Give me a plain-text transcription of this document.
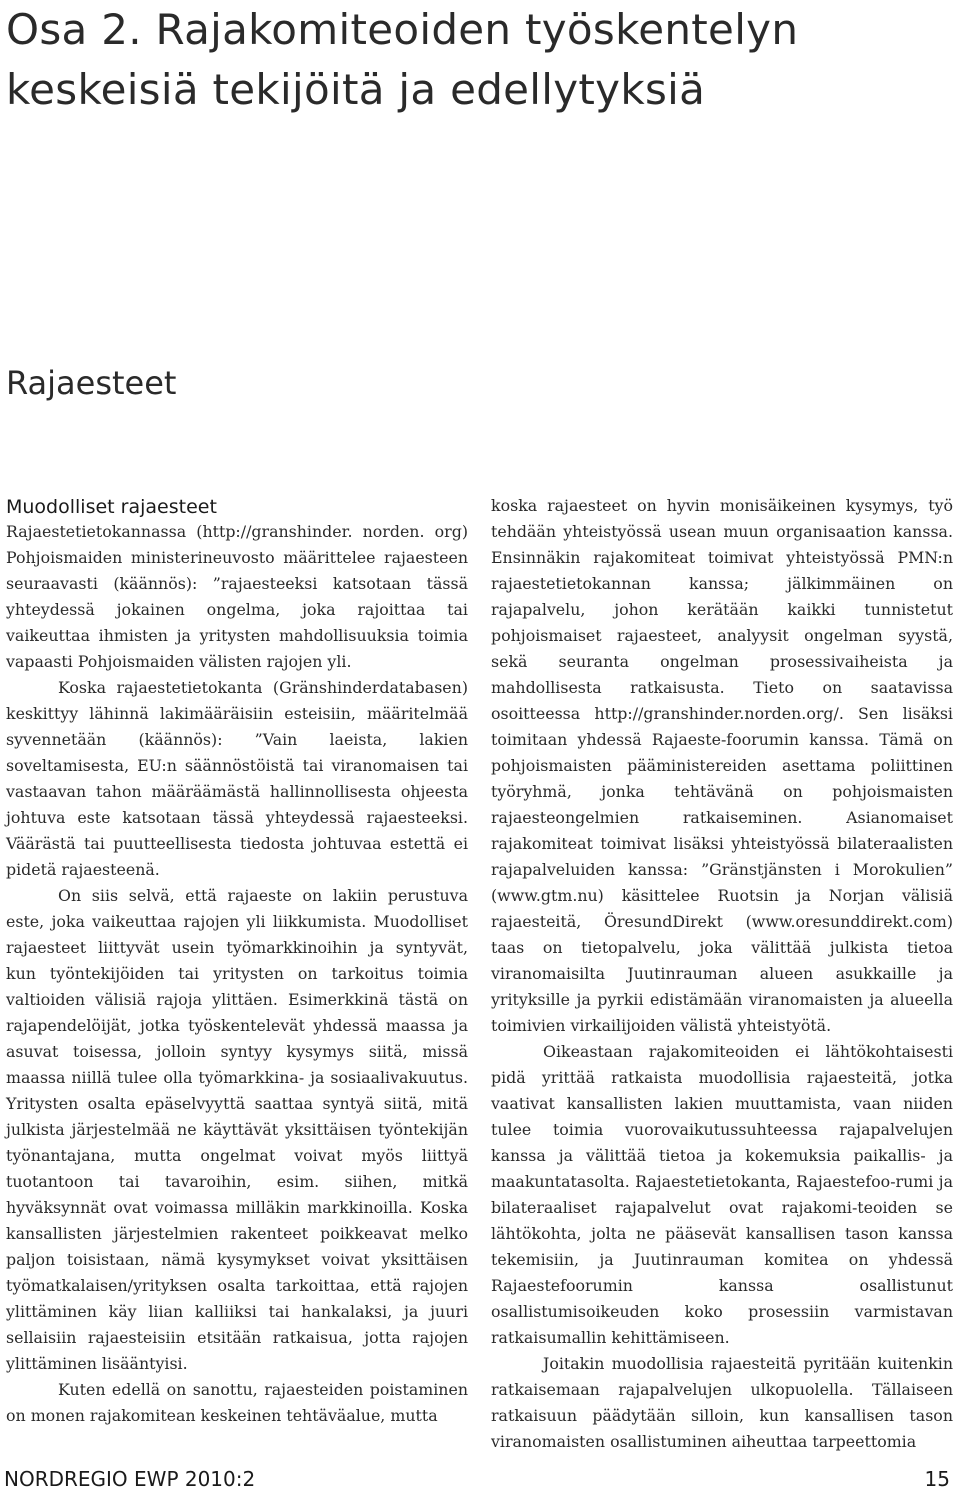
Osa 2. Rajakomiteoiden työskentelyn keskeisiä tekijöitä ja edellytyksiä
Rajaesteet
Muodolliset rajaesteet

Rajaestetietokannassa (http://granshinder. norden. org) Pohjoismaiden ministerineuvosto määrittelee rajaesteen seuraavasti (käännös): ”rajaesteeksi katsotaan tässä yhteydessä jokainen ongelma, joka rajoittaa tai vaikeuttaa ihmisten ja yritysten mahdollisuuksia toimia vapaasti Pohjoismaiden välisten rajojen yli.

Koska rajaestetietokanta (Gränshinderdatabasen) keskittyy lähinnä lakimääräisiin esteisiin, määritelmää syvennetään (käännös): ”Vain laeista, lakien soveltamisesta, EU:n säännöstöistä tai viranomaisen tai vastaavan tahon määräämästä hallinnollisesta ohjeesta johtuva este katsotaan tässä yhteydessä rajaesteeksi. Väärästä tai puutteellisesta tiedosta johtuvaa estettä ei pidetä rajaesteenä.

On siis selvä, että rajaeste on lakiin perustuva este, joka vaikeuttaa rajojen yli liikkumista. Muodolliset rajaesteet liittyvät usein työmarkkinoihin ja syntyvät, kun työntekijöiden tai yritysten on tarkoitus toimia valtioiden välisiä rajoja ylittäen. Esimerkkinä tästä on rajapendelöijät, jotka työskentelevät yhdessä maassa ja asuvat toisessa, jolloin syntyy kysymys siitä, missä maassa niillä tulee olla työmarkkina- ja sosiaalivakuutus. Yritysten osalta epäselvyyttä saattaa syntyä siitä, mitä julkista järjestelmää ne käyttävät yksittäisen työntekijän työnantajana, mutta ongelmat voivat myös liittyä tuotantoon tai tavaroihin, esim. siihen, mitkä hyväksynnät ovat voimassa milläkin markkinoilla. Koska kansallisten järjestelmien rakenteet poikkeavat melko paljon toisistaan, nämä kysymykset voivat yksittäisen työmatkalaisen/yrityksen osalta tarkoittaa, että rajojen ylittäminen käy liian kalliiksi tai hankalaksi, ja juuri sellaisiin rajaesteisiin etsitään ratkaisua, jotta rajojen ylittäminen lisääntyisi.

Kuten edellä on sanottu, rajaesteiden poistaminen on monen rajakomitean keskeinen tehtäväalue, mutta

koska rajaesteet on hyvin monisäikeinen kysymys, työ tehdään yhteistyössä usean muun organisaation kanssa. Ensinnäkin rajakomiteat toimivat yhteistyössä PMN:n rajaestetietokannan kanssa; jälkimmäinen on rajapalvelu, johon kerätään kaikki tunnistetut pohjoismaiset rajaesteet, analyysit ongelman syystä, sekä seuranta ongelman prosessivaiheista ja mahdollisesta ratkaisusta. Tieto on saatavissa osoitteessa http://granshinder.norden.org/. Sen lisäksi toimitaan yhdessä Rajaeste-foorumin kanssa. Tämä on pohjoismaisten pääministereiden asettama poliittinen työryhmä, jonka tehtävänä on pohjoismaisten rajaesteongelmien ratkaiseminen. Asianomaiset rajakomiteat toimivat lisäksi yhteistyössä bilateraalisten rajapalveluiden kanssa: ”Gränstjänsten i Morokulien” (www.gtm.nu) käsittelee Ruotsin ja Norjan välisiä rajaesteitä, ÖresundDirekt (www.oresunddirekt.com) taas on tietopalvelu, joka välittää julkista tietoa viranomaisilta Juutinrauman alueen asukkaille ja yrityksille ja pyrkii edistämään viranomaisten ja alueella toimivien virkailijoiden välistä yhteistyötä.

Oikeastaan rajakomiteoiden ei lähtökohtaisesti pidä yrittää ratkaista muodollisia rajaesteitä, jotka vaativat kansallisten lakien muuttamista, vaan niiden tulee toimia vuorovaikutussuhteessa rajapalvelujen kanssa ja välittää tietoa ja kokemuksia paikallis- ja maakuntatasolta. Rajaestetietokanta, Rajaestefoo-rumi ja bilateraaliset rajapalvelut ovat rajakomi-teoiden se lähtökohta, jolta ne pääsevät kansallisen tason kanssa tekemisiin, ja Juutinrauman komitea on yhdessä Rajaestefoorumin kanssa osallistunut osallistumisoikeuden koko prosessiin varmistavan ratkaisumallin kehittämiseen.

Joitakin muodollisia rajaesteitä pyritään kuitenkin ratkaisemaan rajapalvelujen ulkopuolella. Tällaiseen ratkaisuun päädytään silloin, kun kansallisen tason viranomaisten osallistuminen aiheuttaa tarpeettomia

NORDREGIO EWP 2010:2	15
